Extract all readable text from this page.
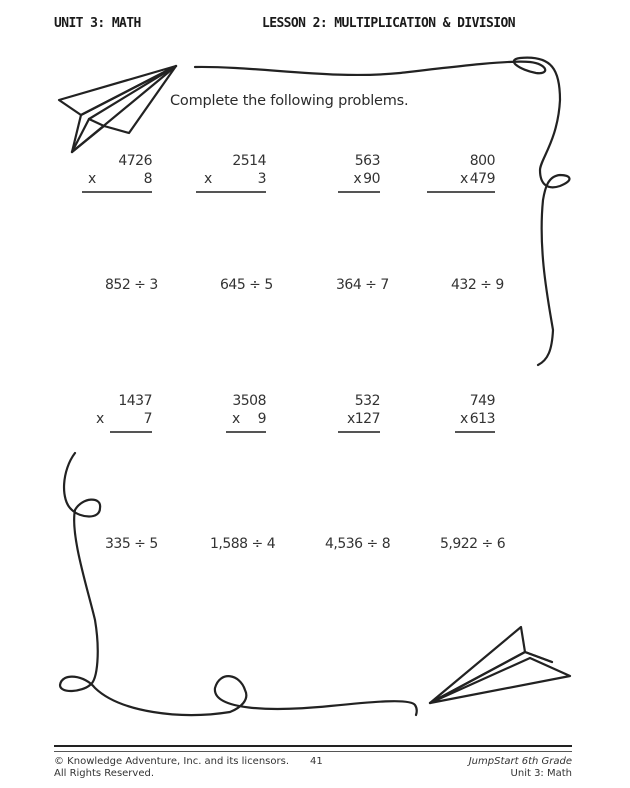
UNIT 3: MATH	LESSON 2: MULTIPLICATION & DIVISION
Complete the following problems.
4726
x	8
2514
x	3
563
x 90
800
x 479
852 ÷ 3	645 ÷ 5	364 ÷ 7	432 ÷ 9
1437
x	7
3508
x 9
532
x 127
749
x 613
335 ÷ 5	1,588 ÷ 4	4,536 ÷ 8	5,922 ÷ 6
© Knowledge Adventure, Inc. and its licensors.
All Rights Reserved.
41	JumpStart 6th Grade
Unit 3: Math
